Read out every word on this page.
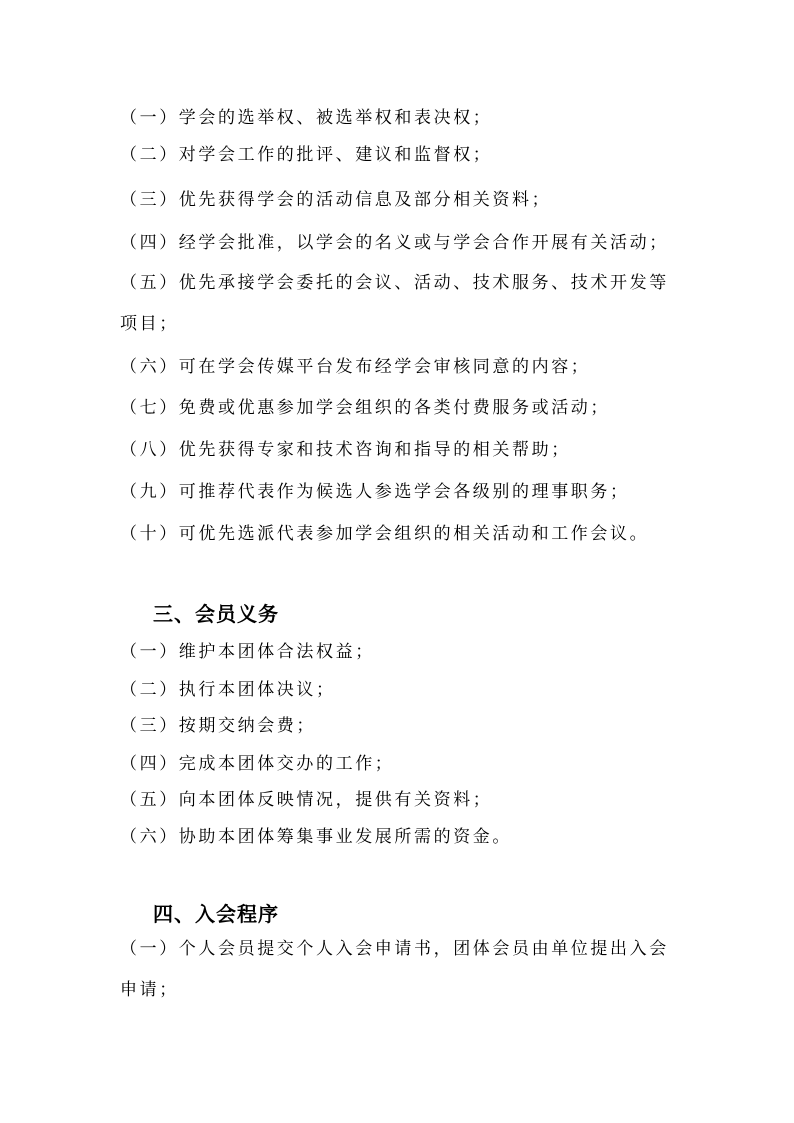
（一）学会的选举权、被选举权和表决权；
（二）对学会工作的批评、建议和监督权；
（三）优先获得学会的活动信息及部分相关资料；
（四）经学会批准，以学会的名义或与学会合作开展有关活动；
（五）优先承接学会委托的会议、活动、技术服务、技术开发等
项目；
（六）可在学会传媒平台发布经学会审核同意的内容；
（七）免费或优惠参加学会组织的各类付费服务或活动；
（八）优先获得专家和技术咨询和指导的相关帮助；
（九）可推荐代表作为候选人参选学会各级别的理事职务；
（十）可优先选派代表参加学会组织的相关活动和工作会议。
三、会员义务
（一）维护本团体合法权益；
（二）执行本团体决议；
（三）按期交纳会费；
（四）完成本团体交办的工作；
（五）向本团体反映情况，提供有关资料；
（六）协助本团体筹集事业发展所需的资金。
四、入会程序
（一）个人会员提交个人入会申请书，团体会员由单位提出入会
申请；
